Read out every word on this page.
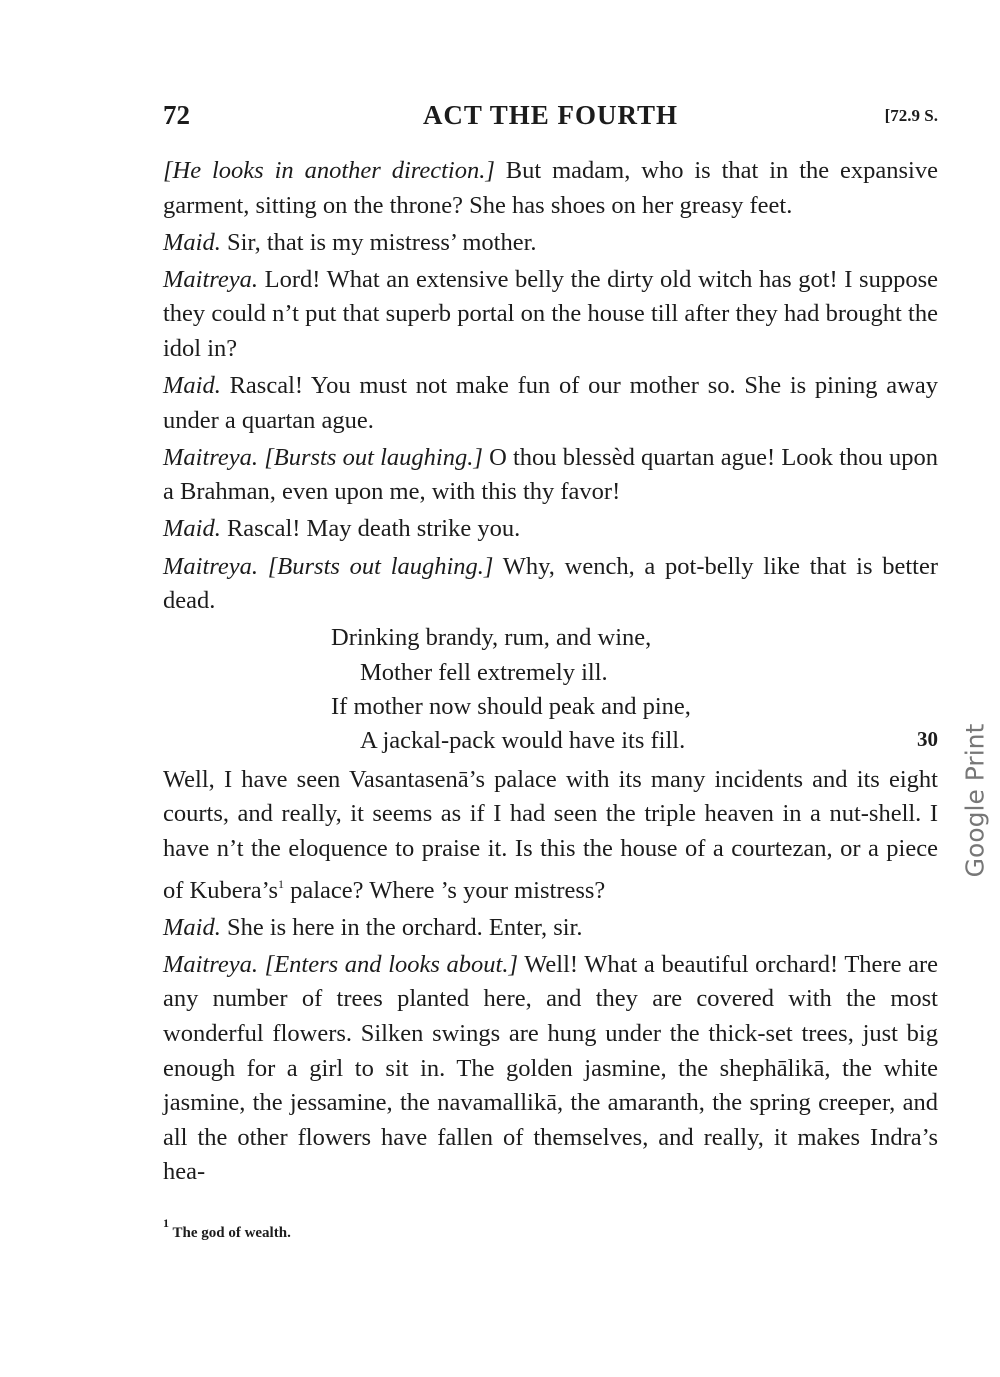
72	ACT THE FOURTH	[72.9 S.

[He looks in another direction.] But madam, who is that in the expansive garment, sitting on the throne? She has shoes on her greasy feet.

Maid. Sir, that is my mistress’ mother.

Maitreya. Lord! What an extensive belly the dirty old witch has got! I suppose they could n’t put that superb portal on the house till after they had brought the idol in?

Maid. Rascal! You must not make fun of our mother so. She is pining away under a quartan ague.

Maitreya. [Bursts out laughing.] O thou blessèd quartan ague! Look thou upon a Brahman, even upon me, with this thy favor!

Maid. Rascal! May death strike you.

Maitreya. [Bursts out laughing.] Why, wench, a pot-belly like that is better dead.

Drinking brandy, rum, and wine,
Mother fell extremely ill.
If mother now should peak and pine,
A jackal-pack would have its fill.	30

Well, I have seen Vasantasenā’s palace with its many incidents and its eight courts, and really, it seems as if I had seen the triple heaven in a nut-shell. I have n’t the eloquence to praise it. Is this the house of a courtezan, or a piece of $Kubera’s^1$ palace? Where ’s your mistress?

Maid. She is here in the orchard. Enter, sir.

Maitreya. [Enters and looks about.] Well! What a beautiful orchard! There are any number of trees planted here, and they are covered with the most wonderful flowers. Silken swings are hung under the thick-set trees, just big enough for a girl to sit in. The golden jasmine, the shephālikā, the white jasmine, the jessamine, the navamallikā, the amaranth, the spring creeper, and all the other flowers have fallen of themselves, and really, it makes Indra’s hea-

$^1$ The god of wealth.
Google Print
